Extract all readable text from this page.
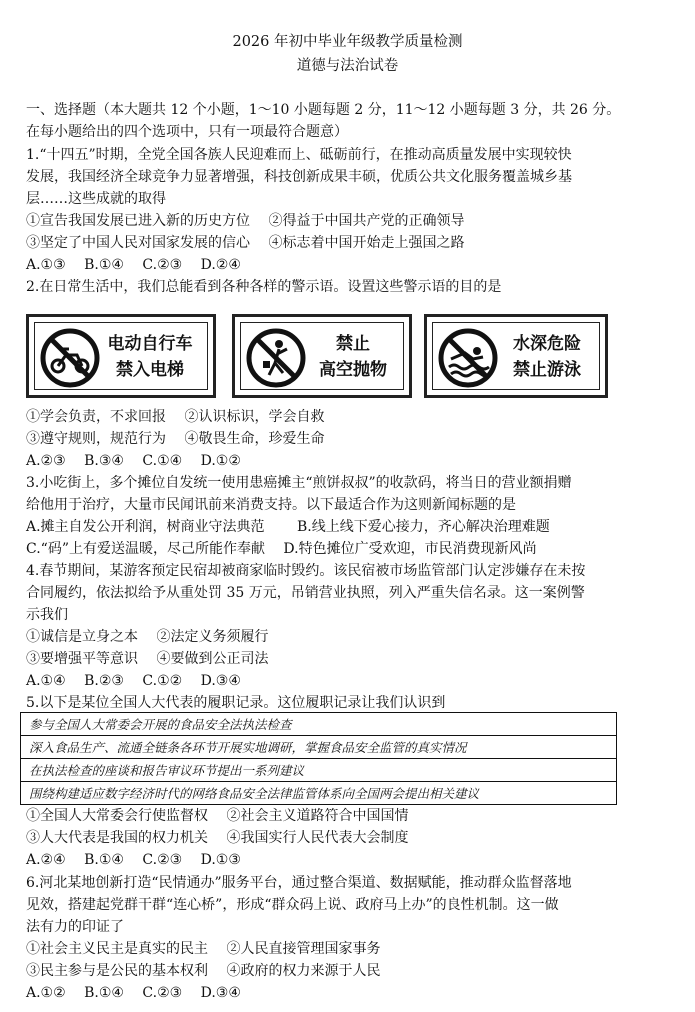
2026 年初中毕业年级教学质量检测
道德与法治试卷
一、选择题（本大题共 12 个小题，1～10 小题每题 2 分，11～12 小题每题 3 分，共 26 分。
在每小题给出的四个选项中，只有一项最符合题意）
1.“十四五”时期，全党全国各族人民迎难而上、砥砺前行，在推动高质量发展中实现较快
发展，我国经济全球竞争力显著增强，科技创新成果丰硕，优质公共文化服务覆盖城乡基
层……这些成就的取得
①宣告我国发展已进入新的历史方位　 ②得益于中国共产党的正确领导
③坚定了中国人民对国家发展的信心　 ④标志着中国开始走上强国之路
A.①③　 B.①④　 C.②③　 D.②④
2.在日常生活中，我们总能看到各种各样的警示语。设置这些警示语的目的是
电动自行车
禁入电梯
禁止
高空抛物
水深危险
禁止游泳
①学会负责，不求回报　 ②认识标识，学会自救
③遵守规则，规范行为　 ④敬畏生命，珍爱生命
A.②③　 B.③④　 C.①④　 D.①②
3.小吃街上，多个摊位自发统一使用患癌摊主“煎饼叔叔”的收款码，将当日的营业额捐赠
给他用于治疗，大量市民闻讯前来消费支持。以下最适合作为这则新闻标题的是
A.摊主自发公开利润，树商业守法典范　　 B.线上线下爱心接力，齐心解决治理难题
C.“码”上有爱送温暖，尽己所能作奉献　 D.特色摊位广受欢迎，市民消费现新风尚
4.春节期间，某游客预定民宿却被商家临时毁约。该民宿被市场监管部门认定涉嫌存在未按
合同履约，依法拟给予从重处罚 35 万元，吊销营业执照，列入严重失信名录。这一案例警
示我们
①诚信是立身之本　 ②法定义务须履行
③要增强平等意识　 ④要做到公正司法
A.①④　 B.②③　 C.①②　 D.③④
5.以下是某位全国人大代表的履职记录。这位履职记录让我们认识到
参与全国人大常委会开展的食品安全法执法检查
深入食品生产、流通全链条各环节开展实地调研，掌握食品安全监管的真实情况
在执法检查的座谈和报告审议环节提出一系列建议
围绕构建适应数字经济时代的网络食品安全法律监管体系向全国两会提出相关建议
①全国人大常委会行使监督权　 ②社会主义道路符合中国国情
③人大代表是我国的权力机关　 ④我国实行人民代表大会制度
A.②④　 B.①④　 C.②③　 D.①③
6.河北某地创新打造“民情通办”服务平台，通过整合渠道、数据赋能，推动群众监督落地
见效，搭建起党群干群“连心桥”，形成“群众码上说、政府马上办”的良性机制。这一做
法有力的印证了
①社会主义民主是真实的民主　 ②人民直接管理国家事务
③民主参与是公民的基本权利　 ④政府的权力来源于人民
A.①②　 B.①④　 C.②③　 D.③④
